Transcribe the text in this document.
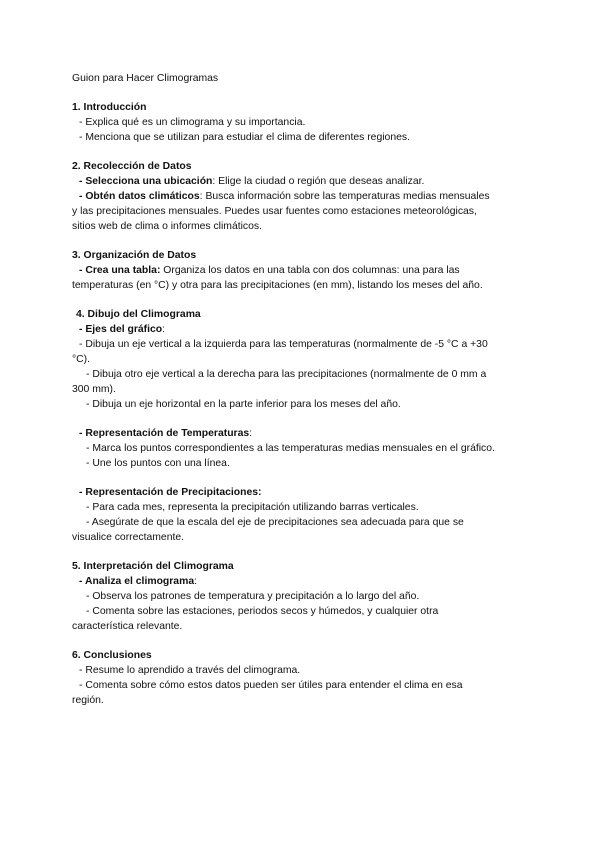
Guion para Hacer Climogramas

1. Introducción

- Explica qué es un climograma y su importancia.

- Menciona que se utilizan para estudiar el clima de diferentes regiones.

2. Recolección de Datos

- Selecciona una ubicación: Elige la ciudad o región que deseas analizar.

- Obtén datos climáticos: Busca información sobre las temperaturas medias mensuales

y las precipitaciones mensuales. Puedes usar fuentes como estaciones meteorológicas,

sitios web de clima o informes climáticos.

3. Organización de Datos

- Crea una tabla: Organiza los datos en una tabla con dos columnas: una para las

temperaturas (en °C) y otra para las precipitaciones (en mm), listando los meses del año.

4. Dibujo del Climograma

- Ejes del gráfico:

- Dibuja un eje vertical a la izquierda para las temperaturas (normalmente de -5 °C a +30

°C).

- Dibuja otro eje vertical a la derecha para las precipitaciones (normalmente de 0 mm a

300 mm).

- Dibuja un eje horizontal en la parte inferior para los meses del año.

- Representación de Temperaturas:

- Marca los puntos correspondientes a las temperaturas medias mensuales en el gráfico.

- Une los puntos con una línea.

- Representación de Precipitaciones:

- Para cada mes, representa la precipitación utilizando barras verticales.

- Asegúrate de que la escala del eje de precipitaciones sea adecuada para que se

visualice correctamente.

5. Interpretación del Climograma

- Analiza el climograma:

- Observa los patrones de temperatura y precipitación a lo largo del año.

- Comenta sobre las estaciones, periodos secos y húmedos, y cualquier otra

característica relevante.

6. Conclusiones

- Resume lo aprendido a través del climograma.

- Comenta sobre cómo estos datos pueden ser útiles para entender el clima en esa

región.
